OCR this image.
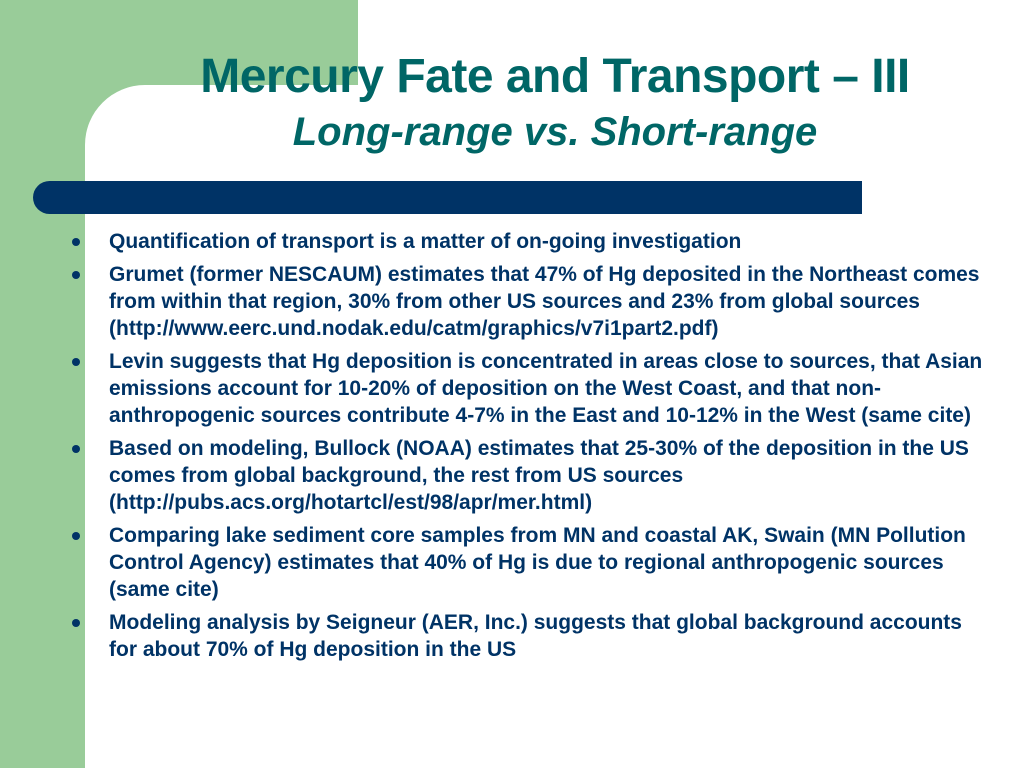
Mercury Fate and Transport – III
Long-range vs. Short-range
Quantification of transport is a matter of on-going investigation
Grumet (former NESCAUM) estimates that 47% of Hg deposited in the Northeast comes from within that region, 30% from other US sources and 23% from global sources (http://www.eerc.und.nodak.edu/catm/graphics/v7i1part2.pdf)
Levin suggests that Hg deposition is concentrated in areas close to sources, that Asian emissions account for 10-20% of deposition on the West Coast, and that non-anthropogenic sources contribute 4-7% in the East and 10-12% in the West (same cite)
Based on modeling, Bullock (NOAA) estimates that 25-30% of the deposition in the US comes from global background, the rest from US sources (http://pubs.acs.org/hotartcl/est/98/apr/mer.html)
Comparing lake sediment core samples from MN and coastal AK, Swain (MN Pollution Control Agency) estimates that 40% of Hg is due to regional anthropogenic sources (same cite)
Modeling analysis by Seigneur (AER, Inc.) suggests that global background accounts for about 70% of Hg deposition in the US
